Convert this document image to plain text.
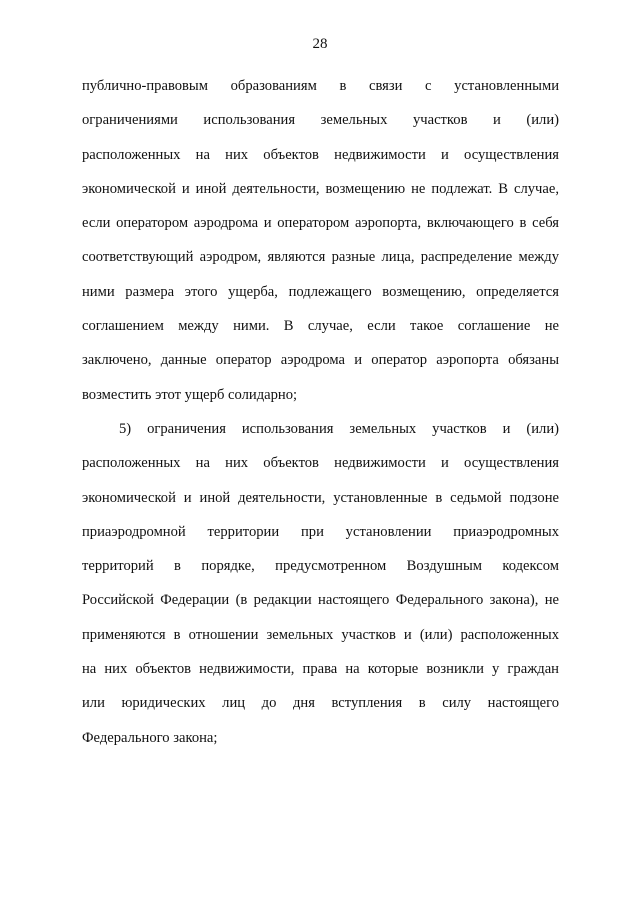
28
публично-правовым образованиям в связи с установленными
ограничениями использования земельных участков и (или)
расположенных на них объектов недвижимости и осуществления
экономической и иной деятельности, возмещению не подлежат. В случае,
если оператором аэродрома и оператором аэропорта, включающего в себя
соответствующий аэродром, являются разные лица, распределение между
ними размера этого ущерба, подлежащего возмещению, определяется
соглашением между ними. В случае, если такое соглашение не
заключено, данные оператор аэродрома и оператор аэропорта обязаны
возместить этот ущерб солидарно;
5) ограничения использования земельных участков и (или)
расположенных на них объектов недвижимости и осуществления
экономической и иной деятельности, установленные в седьмой подзоне
приаэродромной территории при установлении приаэродромных
территорий в порядке, предусмотренном Воздушным кодексом
Российской Федерации (в редакции настоящего Федерального закона), не
применяются в отношении земельных участков и (или) расположенных
на них объектов недвижимости, права на которые возникли у граждан
или юридических лиц до дня вступления в силу настоящего
Федерального закона;
